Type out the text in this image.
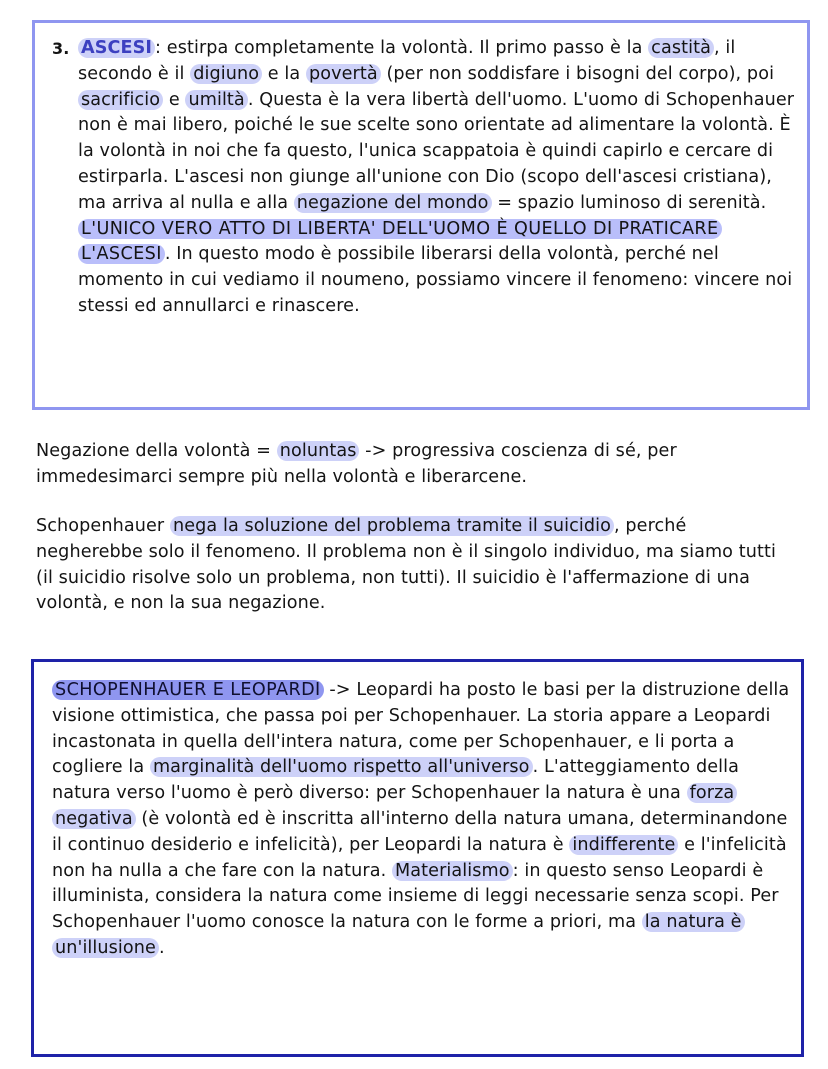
3. ASCESI : estirpa completamente la volontà. Il primo passo è la castità , il secondo è il digiuno e la povertà (per non soddisfare i bisogni del corpo), poi sacrificio e umiltà . Questa è la vera libertà dell'uomo. L'uomo di Schopenhauer non è mai libero, poiché le sue scelte sono orientate ad alimentare la volontà. È la volontà in noi che fa questo, l'unica scappatoia è quindi capirlo e cercare di estirparla. L'ascesi non giunge all'unione con Dio (scopo dell'ascesi cristiana), ma arriva al nulla e alla negazione del mondo = spazio luminoso di serenità. L'UNICO VERO ATTO DI LIBERTA' DELL'UOMO È QUELLO DI PRATICARE L'ASCESI . In questo modo è possibile liberarsi della volontà, perché nel momento in cui vediamo il noumeno, possiamo vincere il fenomeno: vincere noi stessi ed annullarci e rinascere.
Negazione della volontà = noluntas -> progressiva coscienza di sé, per immedesimarci sempre più nella volontà e liberarcene.
Schopenhauer nega la soluzione del problema tramite il suicidio , perché negherebbe solo il fenomeno. Il problema non è il singolo individuo, ma siamo tutti (il suicidio risolve solo un problema, non tutti). Il suicidio è l'affermazione di una volontà, e non la sua negazione.
SCHOPENHAUER E LEOPARDI -> Leopardi ha posto le basi per la distruzione della visione ottimistica, che passa poi per Schopenhauer. La storia appare a Leopardi incastonata in quella dell'intera natura, come per Schopenhauer, e li porta a cogliere la marginalità dell'uomo rispetto all'universo . L'atteggiamento della natura verso l'uomo è però diverso: per Schopenhauer la natura è una forza negativa (è volontà ed è inscritta all'interno della natura umana, determinandone il continuo desiderio e infelicità), per Leopardi la natura è indifferente e l'infelicità non ha nulla a che fare con la natura. Materialismo : in questo senso Leopardi è illuminista, considera la natura come insieme di leggi necessarie senza scopi. Per Schopenhauer l'uomo conosce la natura con le forme a priori, ma la natura è un'illusione .
